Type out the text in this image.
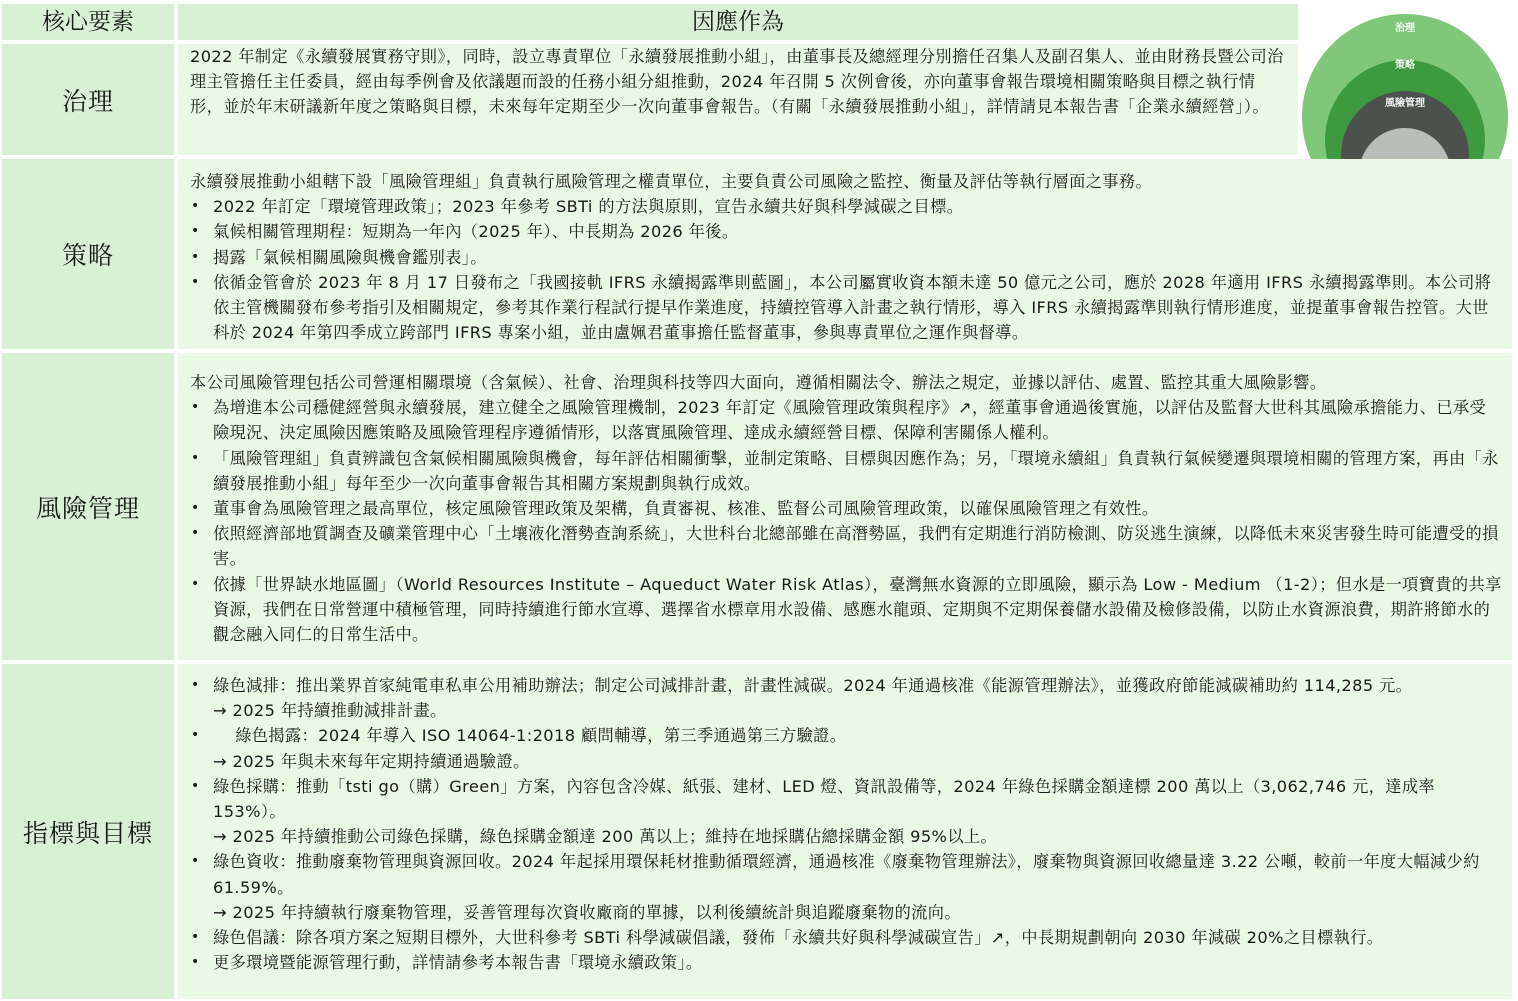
核心要素	因應作為	治理
策略
風險管理
治理

2022 年制定《永續發展實務守則》，同時，設立專責單位「永續發展推動小組」，由董事長及總經理分別擔任召集人及副召集人、並由財務長暨公司治理主管擔任主任委員，經由每季例會及依議題而設的任務小組分組推動，2024 年召開 5 次例會後，亦向董事會報告環境相關策略與目標之執行情形，並於年末研議新年度之策略與目標，未來每年定期至少一次向董事會報告。（有關「永續發展推動小組」，詳情請見本報告書「企業永續經營」）。

策略

永續發展推動小組轄下設「風險管理組」負責執行風險管理之權責單位，主要負責公司風險之監控、衡量及評估等執行層面之事務。

• 2022 年訂定「環境管理政策」；2023 年參考 SBTi 的方法與原則，宣告永續共好與科學減碳之目標。
• 氣候相關管理期程：短期為一年內（2025 年）、中長期為 2026 年後。
• 揭露「氣候相關風險與機會鑑別表」。
• 依循金管會於 2023 年 8 月 17 日發布之「我國接軌 IFRS 永續揭露準則藍圖」，本公司屬實收資本額未達 50 億元之公司，應於 2028 年適用 IFRS 永續揭露準則。本公司將依主管機關發布參考指引及相關規定，參考其作業行程試行提早作業進度，持續控管導入計畫之執行情形，導入 IFRS 永續揭露準則執行情形進度，並提董事會報告控管。大世科於 2024 年第四季成立跨部門 IFRS 專案小組，並由盧姵君董事擔任監督董事，參與專責單位之運作與督導。
風險管理

本公司風險管理包括公司營運相關環境（含氣候）、社會、治理與科技等四大面向，遵循相關法令、辦法之規定，並據以評估、處置、監控其重大風險影響。

• 為增進本公司穩健經營與永續發展，建立健全之風險管理機制，2023 年訂定《風險管理政策與程序》↗，經董事會通過後實施，以評估及監督大世科其風險承擔能力、已承受險現況、決定風險因應策略及風險管理程序遵循情形，以落實風險管理、達成永續經營目標、保障利害關係人權利。
• 「風險管理組」負責辨識包含氣候相關風險與機會，每年評估相關衝擊，並制定策略、目標與因應作為；另，「環境永續組」負責執行氣候變遷與環境相關的管理方案，再由「永續發展推動小組」每年至少一次向董事會報告其相關方案規劃與執行成效。
• 董事會為風險管理之最高單位，核定風險管理政策及架構，負責審視、核准、監督公司風險管理政策，以確保風險管理之有效性。
• 依照經濟部地質調查及礦業管理中心「土壤液化潛勢查詢系統」，大世科台北總部雖在高潛勢區，我們有定期進行消防檢測、防災逃生演練，以降低未來災害發生時可能遭受的損害。
• 依據「世界缺水地區圖」（World Resources Institute – Aqueduct Water Risk Atlas），臺灣無水資源的立即風險，顯示為 Low - Medium （1-2）；但水是一項寶貴的共享資源，我們在日常營運中積極管理，同時持續進行節水宣導、選擇省水標章用水設備、感應水龍頭、定期與不定期保養儲水設備及檢修設備，以防止水資源浪費，期許將節水的觀念融入同仁的日常生活中。
指標與目標
• 綠色減排：推出業界首家純電車私車公用補助辦法；制定公司減排計畫，計畫性減碳。2024 年通過核准《能源管理辦法》，並獲政府節能減碳補助約 114,285 元。
→ 2025 年持續推動減排計畫。
•     綠色揭露：2024 年導入 ISO 14064-1:2018 顧問輔導，第三季通過第三方驗證。
→ 2025 年與未來每年定期持續通過驗證。
• 綠色採購：推動「tsti go（購）Green」方案，內容包含冷媒、紙張、建材、LED 燈、資訊設備等，2024 年綠色採購金額達標 200 萬以上（3,062,746 元，達成率 153%）。
→ 2025 年持續推動公司綠色採購，綠色採購金額達 200 萬以上；維持在地採購佔總採購金額 95%以上。
• 綠色資收：推動廢棄物管理與資源回收。2024 年起採用環保耗材推動循環經濟，通過核准《廢棄物管理辦法》，廢棄物與資源回收總量達 3.22 公噸，較前一年度大幅減少約 61.59%。
→ 2025 年持續執行廢棄物管理，妥善管理每次資收廠商的單據，以利後續統計與追蹤廢棄物的流向。
• 綠色倡議：除各項方案之短期目標外，大世科參考 SBTi 科學減碳倡議，發佈「永續共好與科學減碳宣告」↗，中長期規劃朝向 2030 年減碳 20%之目標執行。
• 更多環境暨能源管理行動，詳情請參考本報告書「環境永續政策」。
